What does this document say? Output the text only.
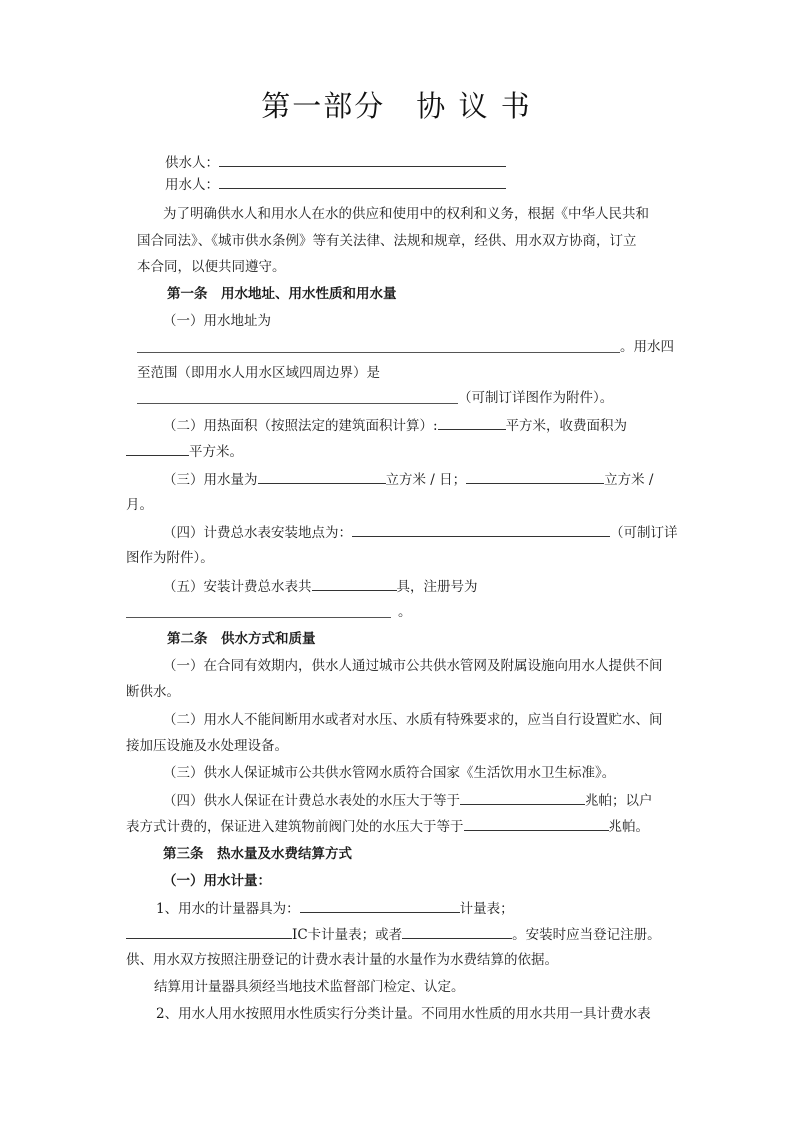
第一部分　协 议 书
供水人：
用水人：
为了明确供水人和用水人在水的供应和使用中的权利和义务，根据《中华人民共和
国合同法》、《城市供水条例》等有关法律、法规和规章，经供、用水双方协商，订立
本合同，以便共同遵守。
第一条　用水地址、用水性质和用水量
（一）用水地址为
。用水四
至范围（即用水人用水区域四周边界）是
（可制订详图作为附件）。
（二）用热面积（按照法定的建筑面积计算）:	平方米，收费面积为
平方米。
（三）用水量为	立方米 / 日；	立方米 /
月。
（四）计费总水表安装地点为：	（可制订详
图作为附件）。
（五）安装计费总水表共	具，注册号为
。
第二条　供水方式和质量
（一）在合同有效期内，供水人通过城市公共供水管网及附属设施向用水人提供不间
断供水。
（二）用水人不能间断用水或者对水压、水质有特殊要求的，应当自行设置贮水、间
接加压设施及水处理设备。
（三）供水人保证城市公共供水管网水质符合国家《生活饮用水卫生标准》。
（四）供水人保证在计费总水表处的水压大于等于	兆帕；以户
表方式计费的，保证进入建筑物前阀门处的水压大于等于	兆帕。
第三条　热水量及水费结算方式
（一）用水计量：
1、用水的计量器具为：	计量表；
IC卡计量表；或者	。安装时应当登记注册。
供、用水双方按照注册登记的计费水表计量的水量作为水费结算的依据。
结算用计量器具须经当地技术监督部门检定、认定。
2、用水人用水按照用水性质实行分类计量。不同用水性质的用水共用一具计费水表
